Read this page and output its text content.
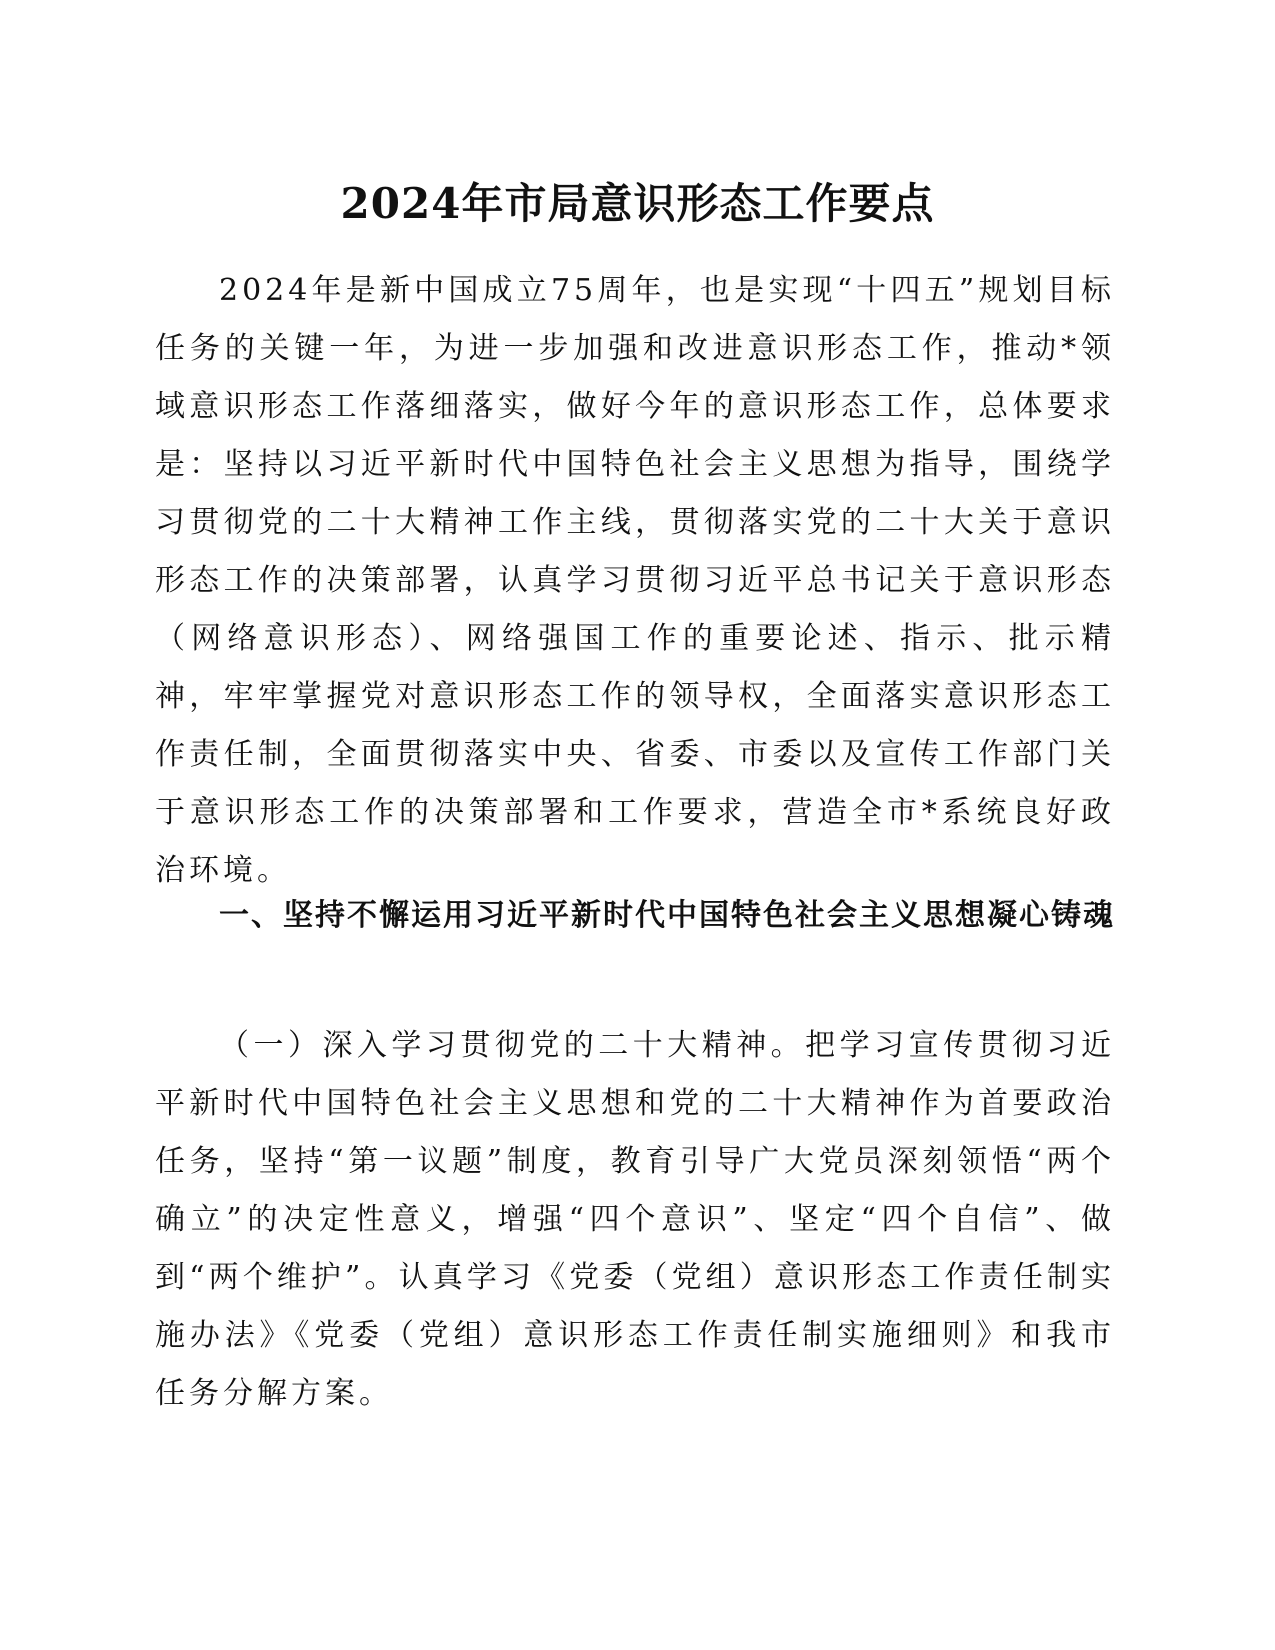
2024年市局意识形态工作要点

2024年是新中国成立75周年，也是实现“十四五”规划目标任务的关键一年，为进一步加强和改进意识形态工作，推动*领域意识形态工作落细落实，做好今年的意识形态工作，总体要求是：坚持以习近平新时代中国特色社会主义思想为指导，围绕学习贯彻党的二十大精神工作主线，贯彻落实党的二十大关于意识形态工作的决策部署，认真学习贯彻习近平总书记关于意识形态（网络意识形态）、网络强国工作的重要论述、指示、批示精神，牢牢掌握党对意识形态工作的领导权，全面落实意识形态工作责任制，全面贯彻落实中央、省委、市委以及宣传工作部门关于意识形态工作的决策部署和工作要求，营造全市*系统良好政治环境。

一、坚持不懈运用习近平新时代中国特色社会主义思想凝心铸魂

（一）深入学习贯彻党的二十大精神。把学习宣传贯彻习近平新时代中国特色社会主义思想和党的二十大精神作为首要政治任务，坚持“第一议题”制度，教育引导广大党员深刻领悟“两个确立”的决定性意义，增强“四个意识”、坚定“四个自信”、做到“两个维护”。认真学习《党委（党组）意识形态工作责任制实施办法》《党委（党组）意识形态工作责任制实施细则》和我市任务分解方案。
